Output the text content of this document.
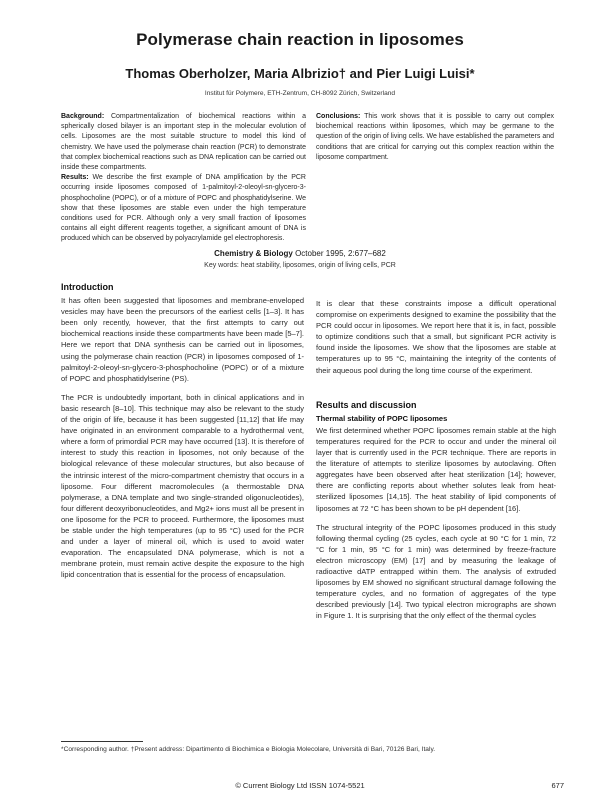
Polymerase chain reaction in liposomes
Thomas Oberholzer, Maria Albrizio† and Pier Luigi Luisi*
Institut für Polymere, ETH-Zentrum, CH-8092 Zürich, Switzerland
Background: Compartmentalization of biochemical reactions within a spherically closed bilayer is an important step in the molecular evolution of cells. Liposomes are the most suitable structure to model this kind of chemistry. We have used the polymerase chain reaction (PCR) to demonstrate that complex biochemical reactions such as DNA replication can be carried out inside these compartments.
Results: We describe the first example of DNA amplification by the PCR occurring inside liposomes composed of 1-palmitoyl-2-oleoyl-sn-glycero-3-phosphocholine (POPC), or of a mixture of POPC and phosphatidylserine. We show that these liposomes are stable even under the high temperature conditions used for PCR. Although only a very small fraction of liposomes contains all eight different reagents together, a significant amount of DNA is produced which can be observed by polyacrylamide gel electrophoresis.
Conclusions: This work shows that it is possible to carry out complex biochemical reactions within liposomes, which may be germane to the question of the origin of living cells. We have established the parameters and conditions that are critical for carrying out this complex reaction within the liposome compartment.
Chemistry & Biology October 1995, 2:677–682
Key words: heat stability, liposomes, origin of living cells, PCR
Introduction

It has often been suggested that liposomes and membrane-enveloped vesicles may have been the precursors of the earliest cells [1–3]. It has been only recently, however, that the first attempts to carry out biochemical reactions inside these compartments have been made [5–7]. Here we report that DNA synthesis can be carried out in liposomes, using the polymerase chain reaction (PCR) in liposomes composed of 1-palmitoyl-2-oleoyl-sn-glycero-3-phosphocholine (POPC) or of a mixture of POPC and phosphatidylserine (PS).

The PCR is undoubtedly important, both in clinical applications and in basic research [8–10]. This technique may also be relevant to the study of the origin of life, because it has been suggested [11,12] that life may have originated in an environment comparable to a hydrothermal vent, where a form of primordial PCR may have occurred [13]. It is therefore of interest to study this reaction in liposomes, not only because of the biological relevance of these molecular structures, but also because of the intrinsic interest of the micro-compartment chemistry that occurs in a liposome. Four different macromolecules (a thermostable DNA polymerase, a DNA template and two single-stranded oligonucleotides), four different deoxyribonucleotides, and Mg2+ ions must all be present in one liposome for the PCR to proceed. Furthermore, the liposomes must be stable under the high temperatures (up to 95 °C) used for the PCR and under a layer of mineral oil, which is used to avoid water evaporation. The encapsulated DNA polymerase, which is not a membrane protein, must remain active despite the exposure to the high lipid concentration that is essential for the process of encapsulation.

It is clear that these constraints impose a difficult operational compromise on experiments designed to examine the possibility that the PCR could occur in liposomes. We report here that it is, in fact, possible to optimize conditions such that a small, but significant PCR activity is found inside the liposomes. We show that the liposomes are stable at temperatures up to 95 °C, maintaining the integrity of the contents of their aqueous pool during the long time course of the experiment.

Results and discussion
Thermal stability of POPC liposomes

We first determined whether POPC liposomes remain stable at the high temperatures required for the PCR to occur and under the mineral oil layer that is currently used in the PCR technique. There are reports in the literature of attempts to sterilize liposomes by autoclaving. Often aggregates have been observed after heat sterilization [14]; however, there are conflicting reports about whether solutes leak from heat-sterilized liposomes [14,15]. The heat stability of lipid components of liposomes at 72 °C has been shown to be pH dependent [16].

The structural integrity of the POPC liposomes produced in this study following thermal cycling (25 cycles, each cycle at 90 °C for 1 min, 72 °C for 1 min, 95 °C for 1 min) was determined by freeze-fracture electron microscopy (EM) [17] and by measuring the leakage of radioactive dATP entrapped within them. The analysis of extruded liposomes by EM showed no significant structural damage following the temperature cycles, and no formation of aggregates of the type described previously [14]. Two typical electron micrographs are shown in Figure 1. It is surprising that the only effect of the thermal cycles

*Corresponding author. †Present address: Dipartimento di Biochimica e Biologia Molecolare, Università di Bari, 70126 Bari, Italy.
© Current Biology Ltd ISSN 1074-5521	677
